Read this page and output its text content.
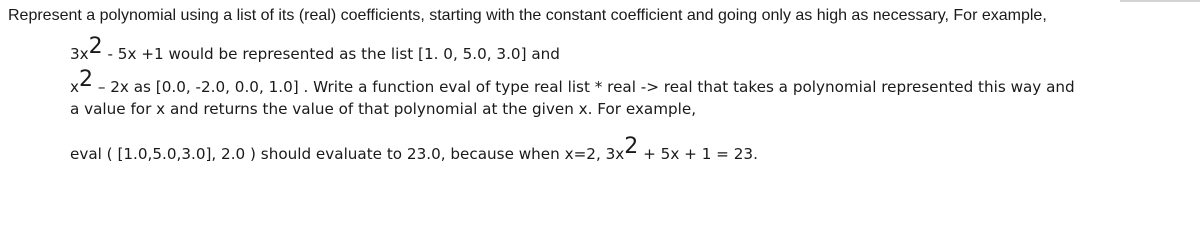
Represent a polynomial using a list of its (real) coefficients, starting with the constant coefficient and going only as high as necessary, For example,
$3x^2 - 5x +1$ would be represented as the list [1. 0, 5.0, 3.0] and
$x^2 - 2x$ as [0.0, -2.0, 0.0, 1.0] . Write a function eval of type real list * real -> real that takes a polynomial represented this way and
a value for x and returns the value of that polynomial at the given x. For example,
eval ( [1.0,5.0,3.0], 2.0 ) should evaluate to 23.0, because when x=2, $3x^2 + 5x + 1 = 23$.
